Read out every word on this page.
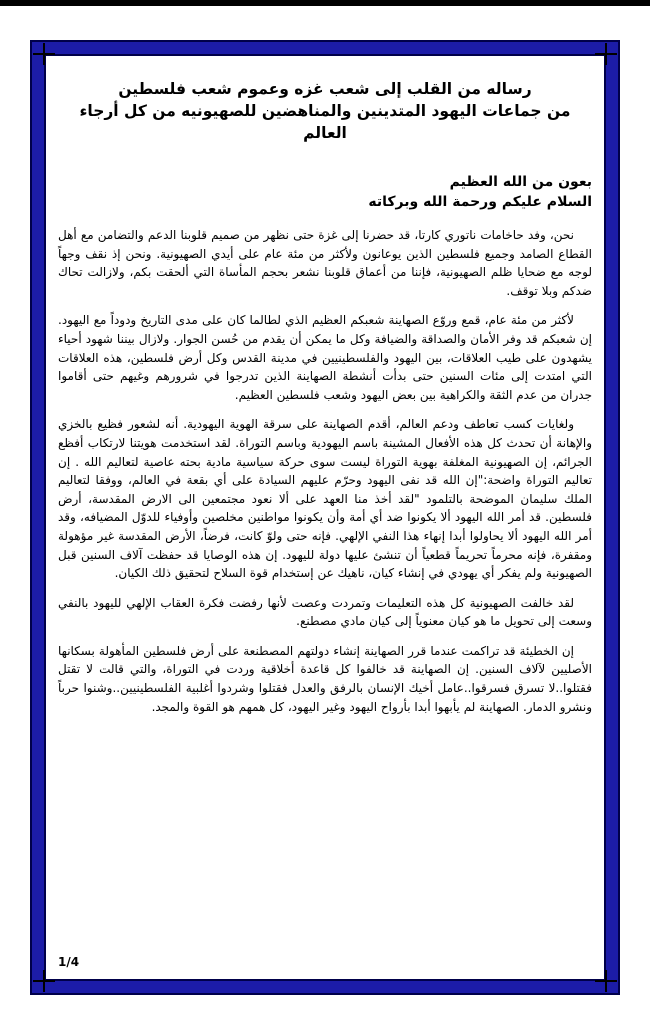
رساله من القلب إلى شعب غزه وعموم شعب فلسطين

من جماعات اليهود المتدينين والمناهضين للصهيونيه من كل أرجاء العالم

بعون من الله العظيم

السلام عليكم ورحمة الله وبركاته

نحن، وفد حاخامات ناتوري كارتا، قد حضرنا إلى غزة حتى نظهر من صميم قلوبنا الدعم والتضامن مع أهل القطاع الصامد وجميع فلسطين الذين يوعانون ولأكثر من مئة عام على أيدي الصهيونية. ونحن إذ نقف وجهاً لوجه مع ضحايا ظلم الصهيونية، فإننا من أعماق قلوبنا نشعر بحجم المأساة التي ألحقت بكم، ولازالت تحاك ضدكم وبلا توقف.

لأكثر من مئة عام، قمع وروّع الصهاينة شعبكم العظيم الذي لطالما كان على مدى التاريخ ودوداً مع اليهود. إن شعبكم قد وفر الأمان والصداقة والضيافة وكل ما يمكن أن يقدم من حُسن الجوار. ولازال بيننا شهود أحياء يشهدون على طيب العلاقات، بين اليهود والفلسطينيين في مدينة القدس وكل أرض فلسطين، هذه العلاقات التي امتدت إلى مئات السنين حتى بدأت أنشطة الصهاينة الذين تدرجوا في شرورهم وغيهم حتى أقاموا جدران من عدم الثقة والكراهية بين بعض اليهود وشعب فلسطين العظيم.

ولغايات كسب تعاطف ودعم العالم، أقدم الصهاينة على سرقة الهوية اليهودية. أنه لشعور فظيع بالخزي والإهانة أن تحدث كل هذه الأفعال المشينة باسم اليهودية وباسم التوراة. لقد استخدمت هويتنا لارتكاب أفظع الجرائم، إن الصهيونية المغلفة بهوية التوراة ليست سوى حركة سياسية مادية بحته عاصية لتعاليم الله . إن تعاليم التوراة واضحة:"إن الله قد نفى اليهود وحرّم عليهم السيادة على أي بقعة في العالم، ووفقا لتعاليم الملك سليمان الموضحة بالتلمود "لقد أخذ منا العهد على ألا نعود مجتمعين الى الارض المقدسة، أرض فلسطين. قد أمر الله اليهود ألا يكونوا ضد أي أمة وأن يكونوا مواطنين مخلصين وأوفياء للدوّل المضيافه، وقد أمر الله اليهود ألا يحاولوا أبدا إنهاء هذا النفي الإلهي. فإنه حتى ولوّ كانت، فرضاً، الأرض المقدسة غير مؤهولة ومقفرة، فإنه محرماً تحريماً قطعياً أن تنشئ عليها دولة لليهود. إن هذه الوصايا قد حفظت آلاف السنين قبل الصهيونية ولم يفكر أي يهودي في إنشاء كيان، ناهيك عن إستخدام قوة السلاح لتحقيق ذلك الكيان.

لقد خالفت الصهيونية كل هذه التعليمات وتمردت وعصت لأنها رفضت فكرة العقاب الإلهي لليهود بالنفي وسعت إلى تحويل ما هو كيان معنوياً إلى كيان مادي مصطنع.

إن الخطيئة قد تراكمت عندما قرر الصهاينة إنشاء دولتهم المصطنعة على أرض فلسطين المأهولة بسكانها الأصليين لآلاف السنين. إن الصهاينة قد خالفوا كل قاعدة أخلاقية وردت في التوراة، والتي قالت لا تقتل فقتلوا..لا تسرق فسرقوا..عامل أخيك الإنسان بالرفق والعدل فقتلوا وشردوا أغلبية الفلسطينيين..وشنوا حرباً ونشرو الدمار. الصهاينة لم يأبهوا أبدا بأرواح اليهود وغير اليهود، كل همهم هو القوة والمجد.

1/4
